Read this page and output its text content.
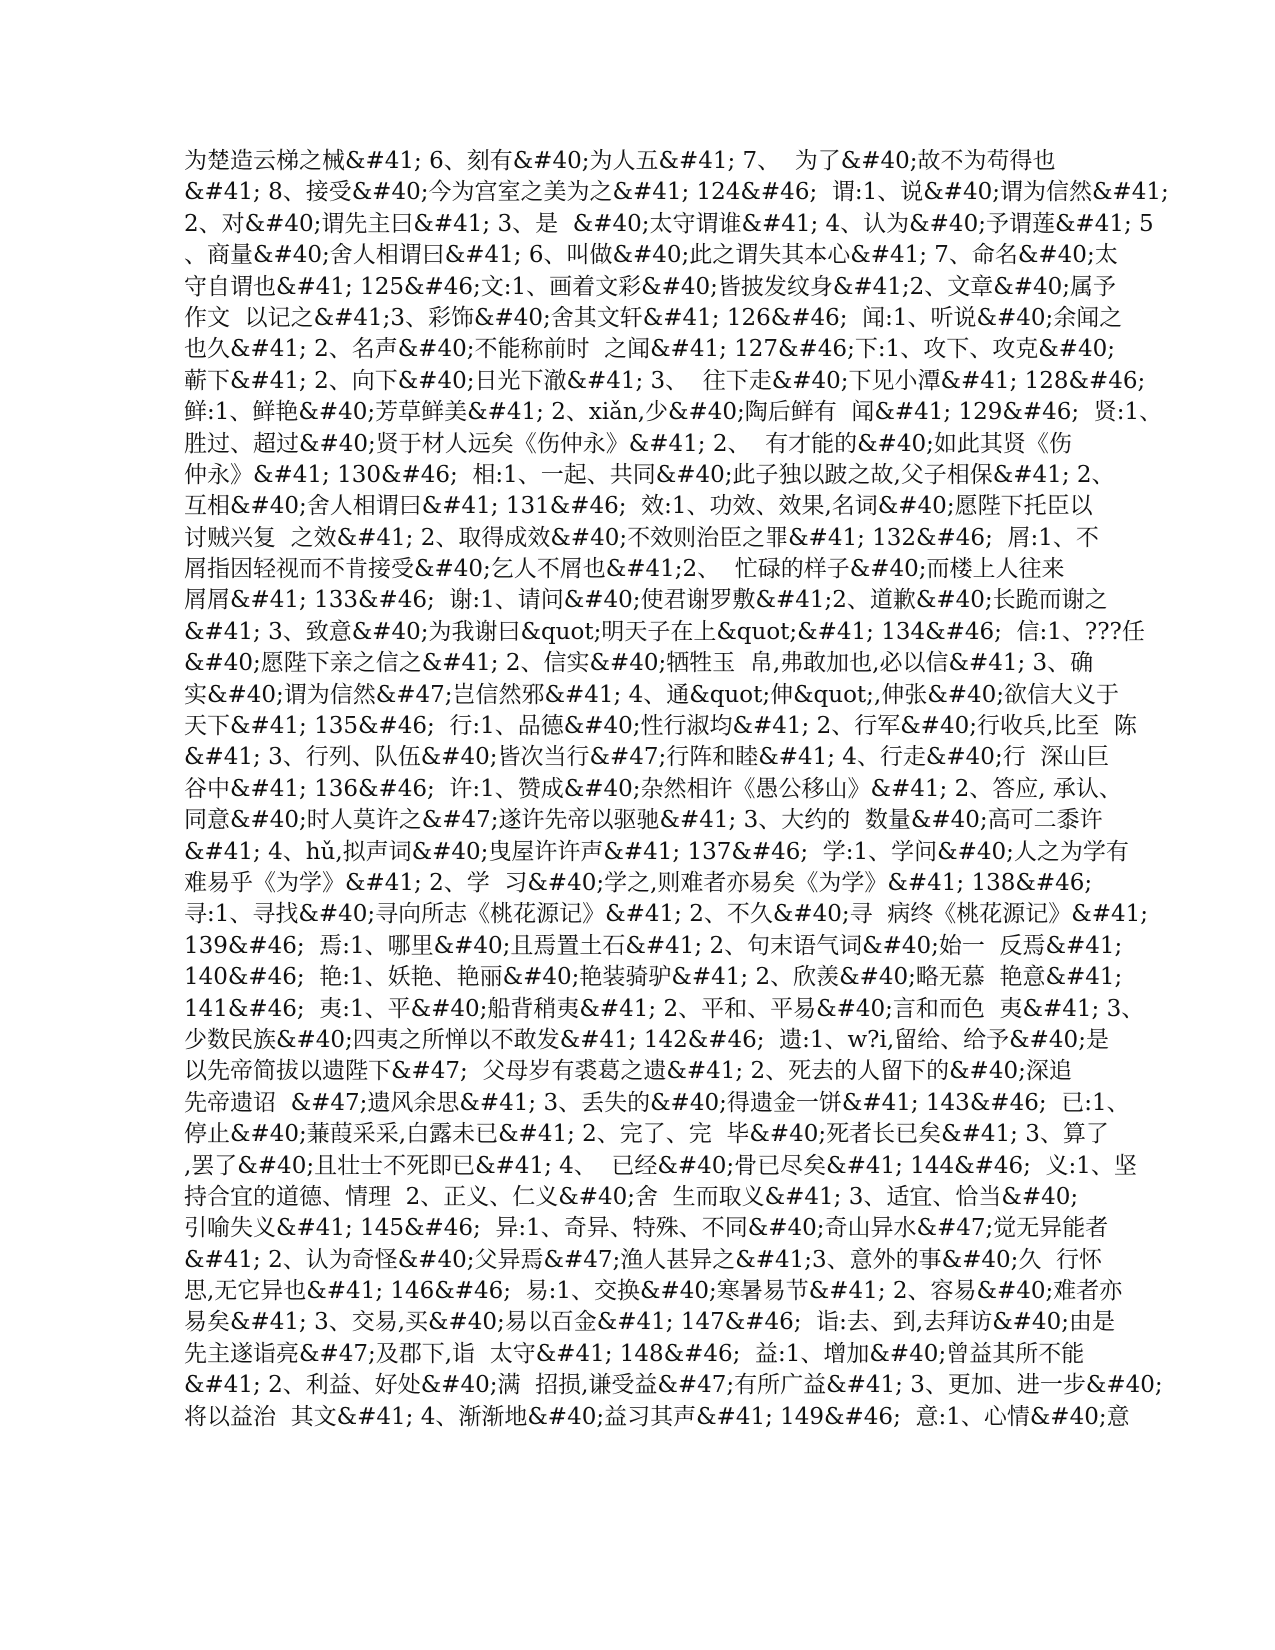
为楚造云梯之械&#41; 6、刻有&#40;为人五&#41; 7、  为了&#40;故不为苟得也
&#41; 8、接受&#40;今为宫室之美为之&#41; 124&#46;  谓:1、说&#40;谓为信然&#41;
2、对&#40;谓先主曰&#41; 3、是  &#40;太守谓谁&#41; 4、认为&#40;予谓莲&#41; 5
、商量&#40;舍人相谓曰&#41; 6、叫做&#40;此之谓失其本心&#41; 7、命名&#40;太
守自谓也&#41; 125&#46;文:1、画着文彩&#40;皆披发纹身&#41;2、文章&#40;属予
作文  以记之&#41;3、彩饰&#40;舍其文轩&#41; 126&#46;  闻:1、听说&#40;余闻之
也久&#41; 2、名声&#40;不能称前时  之闻&#41; 127&#46;下:1、攻下、攻克&#40;
蕲下&#41; 2、向下&#40;日光下澈&#41; 3、  往下走&#40;下见小潭&#41; 128&#46;
鲜:1、鲜艳&#40;芳草鲜美&#41; 2、xiǎn,少&#40;陶后鲜有  闻&#41; 129&#46;  贤:1、
胜过、超过&#40;贤于材人远矣《伤仲永》&#41; 2、  有才能的&#40;如此其贤《伤
仲永》&#41; 130&#46;  相:1、一起、共同&#40;此子独以跛之故,父子相保&#41; 2、
互相&#40;舍人相谓曰&#41; 131&#46;  效:1、功效、效果,名词&#40;愿陛下托臣以
讨贼兴复  之效&#41; 2、取得成效&#40;不效则治臣之罪&#41; 132&#46;  屑:1、不
屑指因轻视而不肯接受&#40;乞人不屑也&#41;2、  忙碌的样子&#40;而楼上人往来
屑屑&#41; 133&#46;  谢:1、请问&#40;使君谢罗敷&#41;2、道歉&#40;长跪而谢之
&#41; 3、致意&#40;为我谢曰&quot;明天子在上&quot;&#41; 134&#46;  信:1、???任
&#40;愿陛下亲之信之&#41; 2、信实&#40;牺牲玉  帛,弗敢加也,必以信&#41; 3、确
实&#40;谓为信然&#47;岂信然邪&#41; 4、通&quot;伸&quot;,伸张&#40;欲信大义于
天下&#41; 135&#46;  行:1、品德&#40;性行淑均&#41; 2、行军&#40;行收兵,比至  陈
&#41; 3、行列、队伍&#40;皆次当行&#47;行阵和睦&#41; 4、行走&#40;行  深山巨
谷中&#41; 136&#46;  许:1、赞成&#40;杂然相许《愚公移山》&#41; 2、答应, 承认、
同意&#40;时人莫许之&#47;遂许先帝以驱驰&#41; 3、大约的  数量&#40;高可二黍许
&#41; 4、hǔ,拟声词&#40;曳屋许许声&#41; 137&#46;  学:1、学问&#40;人之为学有
难易乎《为学》&#41; 2、学  习&#40;学之,则难者亦易矣《为学》&#41; 138&#46;
寻:1、寻找&#40;寻向所志《桃花源记》&#41; 2、不久&#40;寻  病终《桃花源记》&#41;
139&#46;  焉:1、哪里&#40;且焉置土石&#41; 2、句末语气词&#40;始一  反焉&#41;
140&#46;  艳:1、妖艳、艳丽&#40;艳装骑驴&#41; 2、欣羡&#40;略无慕  艳意&#41;
141&#46;  夷:1、平&#40;船背稍夷&#41; 2、平和、平易&#40;言和而色  夷&#41; 3、
少数民族&#40;四夷之所惮以不敢发&#41; 142&#46;  遗:1、w?i,留给、给予&#40;是
以先帝简拔以遗陛下&#47;  父母岁有裘葛之遗&#41; 2、死去的人留下的&#40;深追
先帝遗诏  &#47;遗风余思&#41; 3、丢失的&#40;得遗金一饼&#41; 143&#46;  已:1、
停止&#40;蒹葭采采,白露未已&#41; 2、完了、完  毕&#40;死者长已矣&#41; 3、算了
,罢了&#40;且壮士不死即已&#41; 4、  已经&#40;骨已尽矣&#41; 144&#46;  义:1、坚
持合宜的道德、情理  2、正义、仁义&#40;舍  生而取义&#41; 3、适宜、恰当&#40;
引喻失义&#41; 145&#46;  异:1、奇异、特殊、不同&#40;奇山异水&#47;觉无异能者
&#41; 2、认为奇怪&#40;父异焉&#47;渔人甚异之&#41;3、意外的事&#40;久  行怀
思,无它异也&#41; 146&#46;  易:1、交换&#40;寒暑易节&#41; 2、容易&#40;难者亦
易矣&#41; 3、交易,买&#40;易以百金&#41; 147&#46;  诣:去、到,去拜访&#40;由是
先主遂诣亮&#47;及郡下,诣  太守&#41; 148&#46;  益:1、增加&#40;曾益其所不能
&#41; 2、利益、好处&#40;满  招损,谦受益&#47;有所广益&#41; 3、更加、进一步&#40;
将以益治  其文&#41; 4、渐渐地&#40;益习其声&#41; 149&#46;  意:1、心情&#40;意
